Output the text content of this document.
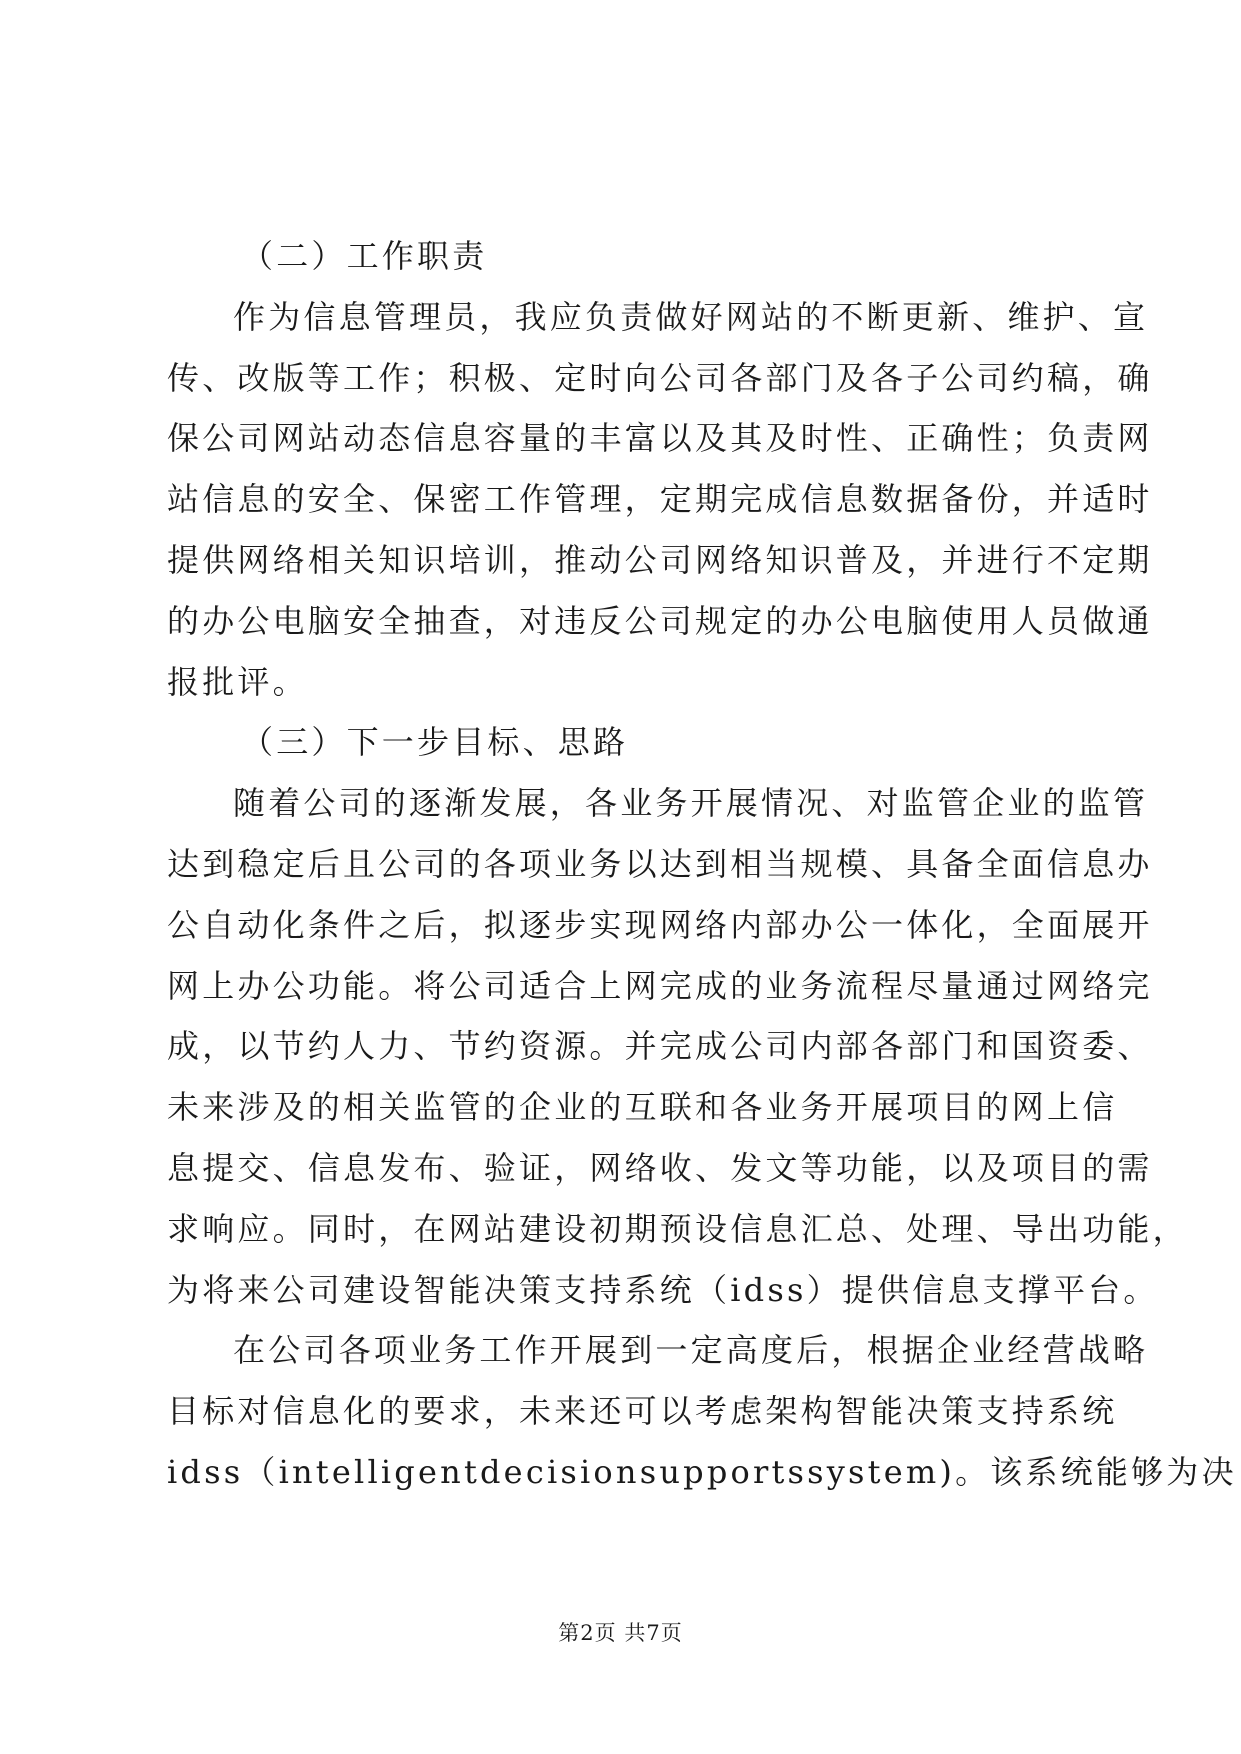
（二）工作职责
作为信息管理员，我应负责做好网站的不断更新、维护、宣
传、改版等工作；积极、定时向公司各部门及各子公司约稿，确
保公司网站动态信息容量的丰富以及其及时性、正确性；负责网
站信息的安全、保密工作管理，定期完成信息数据备份，并适时
提供网络相关知识培训，推动公司网络知识普及，并进行不定期
的办公电脑安全抽查，对违反公司规定的办公电脑使用人员做通
报批评。
（三）下一步目标、思路
随着公司的逐渐发展，各业务开展情况、对监管企业的监管
达到稳定后且公司的各项业务以达到相当规模、具备全面信息办
公自动化条件之后，拟逐步实现网络内部办公一体化，全面展开
网上办公功能。将公司适合上网完成的业务流程尽量通过网络完
成，以节约人力、节约资源。并完成公司内部各部门和国资委、
未来涉及的相关监管的企业的互联和各业务开展项目的网上信
息提交、信息发布、验证，网络收、发文等功能，以及项目的需
求响应。同时，在网站建设初期预设信息汇总、处理、导出功能，
为将来公司建设智能决策支持系统（idss）提供信息支撑平台。
在公司各项业务工作开展到一定高度后，根据企业经营战略
目标对信息化的要求，未来还可以考虑架构智能决策支持系统
idss（intelligentdecisionsupportssystem)。该系统能够为决
第2页 共7页
